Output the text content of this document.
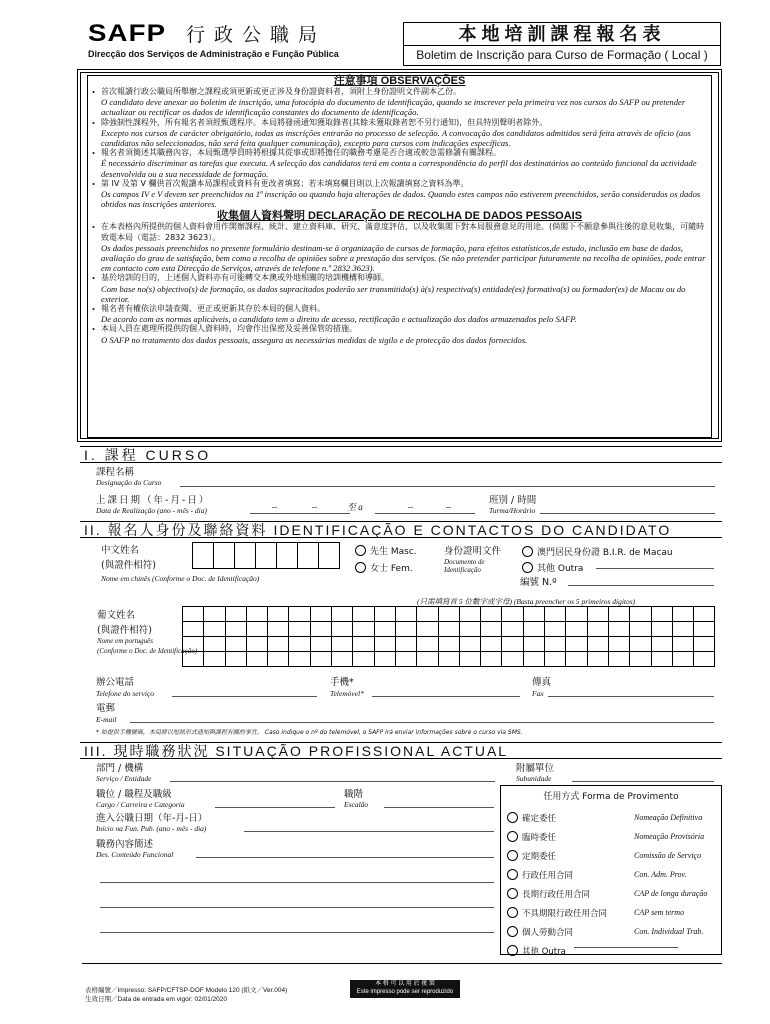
SAFP 行政公職局
Direcção dos Serviços de Administração e Função Pública
本地培訓課程報名表
Boletim de Inscrição para Curso de Formação ( Local )
注意事項 OBSERVAÇÕES
• 首次報讀行政公職局所舉辦之課程或須更新或更正涉及身份證資料者，須附上身份證明文件副本乙份。
O candidato deve anexar ao boletim de inscrição, uma fotocópia do documento de identificação, quando se inscrever pela primeira vez nos cursos do SAFP ou pretender actualizar ou rectificar os dados de identificação constantes do documento de identificação.
• 除強制性課程外，所有報名者須經甄選程序。本局將發函通知獲取錄者(其餘未獲取錄者恕不另行通知)，但具特別聲明者除外。
Excepto nos cursos de carácter obrigatório, todas as inscrições entrarão no processo de selecção. A convocação dos candidatos admitidos será feita através de ofício (aos candidatos não seleccionados, não será feita qualquer comunicação), excepto para cursos com indicações específicas.
• 報名者須簡述其職務內容，本局甄選學員時將根據其從事或即將擔任的職務考慮是否合適或較急需修讀有關課程。
É necessário discriminar as tarefas que executa. A selecção dos candidatos terá em conta a correspondência do perfil dos destinatários ao conteúdo funcional da actividade desenvolvida ou a sua necessidade de formação.
• 第 IV 及第 V 欄供首次報讀本局課程或資料有更改者填寫；若未填寫欄目則以上次報讀填寫之資料為準。
Os campos IV e V devem ser preenchidos na 1ª inscrição ou quando haja alterações de dados. Quando estes campos não estiverem preenchidos, serão considerados os dados obtidos nas inscrições anteriores.
收集個人資料聲明 DECLARAÇÃO DE RECOLHA DE DADOS PESSOAIS
• 在本表格內所提供的個人資料會用作開辦課程、統計、建立資料庫、研究、滿意度評估，以及收集閣下對本局服務意見的用途。(倘閣下不願意參與往後的意見收集，可隨時致電本局（電話：2832 3623）。
Os dados pessoais preenchidos no presente formulário destinam-se à organização de cursos de formação, para efeitos estatísticos,de estudo, inclusão em base de dados, avaliação do grau de satisfação, bem como a recolha de opiniões sobre a prestação dos serviços. (Se não pretender participar futuramente na recolha de opiniões, pode entrar em contacto com esta Direcção de Serviços, através de telefone n.º 2832 3623).
• 基於培訓的目的，上述個人資料亦有可能轉交本澳或外地相關的培訓機構和導師。
Com base no(s) objectivo(s) de formação, os dados supracitados poderão ser transmitido(s) à(s) respectiva(s) entidade(es) formativa(s) ou formador(es) de Macau ou do exterior.
• 報名者有權依法申請查閱、更正或更新其存於本局的個人資料。
De acordo com as normas aplicáveis, o candidato tem o direito de acesso, rectificação e actualização dos dados armazenados pelo SAFP.
• 本局人員在處理所提供的個人資料時，均會作出保密及妥善保管的措施。
O SAFP no tratamento dos dados pessoais, assegura as necessárias medidas de sigilo e de protecção dos dados fornecidos.
I. 課程 CURSO
課程名稱
Designação do Curso
上課日期（年-月-日）
Data de Realização (ano - mês - dia)	–	–	至 a	–	–
班別 / 時間
Turma/Horário
II. 報名人身份及聯絡資料 IDENTIFICAÇÃO E CONTACTOS DO CANDIDATO
中文姓名
(與證件相符)
Nome em chinês (Conforme o Doc. de Identificação)

先生 Masc.
女士 Fem.
身份證明文件
Documento de Identificação
澳門居民身份證 B.I.R. de Macau
其他 Outra
編號 N.º
(只需填寫首 5 位數字或字母) (Basta preencher os 5 primeiros dígitos)
葡文姓名
(與證件相符)
Nome em português
(Conforme o Doc. de Identificação)

辦公電話
Telefone do serviço
手機*
Telemóvel*
傳真
Fax
電郵
E-mail
* 如提供手機號碼，本局將以短訊形式通知與課程有關的事宜。 Caso indique o nº do telemóvel, o SAFP irá enviar informações sobre o curso via SMS.
III. 現時職務狀況 SITUAÇÃO PROFISSIONAL ACTUAL
部門 / 機構
Serviço / Entidade
附屬單位
Subunidade
職位 / 職程及職級
Cargo / Carreira e Categoria
職階
Escalão
進入公職日期（年-月-日）
Início na Fun. Pub. (ano - mês - dia)
職務內容簡述
Des. Conteúdo Funcional
任用方式 Forma de Provimento
確定委任	Nomeação Definitiva
臨時委任	Nomeação Provisória
定期委任	Comissão de Serviço
行政任用合同	Con. Adm. Prov.
長期行政任用合同	CAP de longa duração
不具期限行政任用合同	CAP sem termo
個人勞動合同	Con. Individual Trab.
其他 Outra
表格編號／Impresso: SAFP/CFTSP-DOF Modelo 120 (紙文／Ver.004)
生效日期／Data de entrada em vigor: 02/01/2020
本 格 可 以 用 於 複 製
Este impresso pode ser reproduzido
